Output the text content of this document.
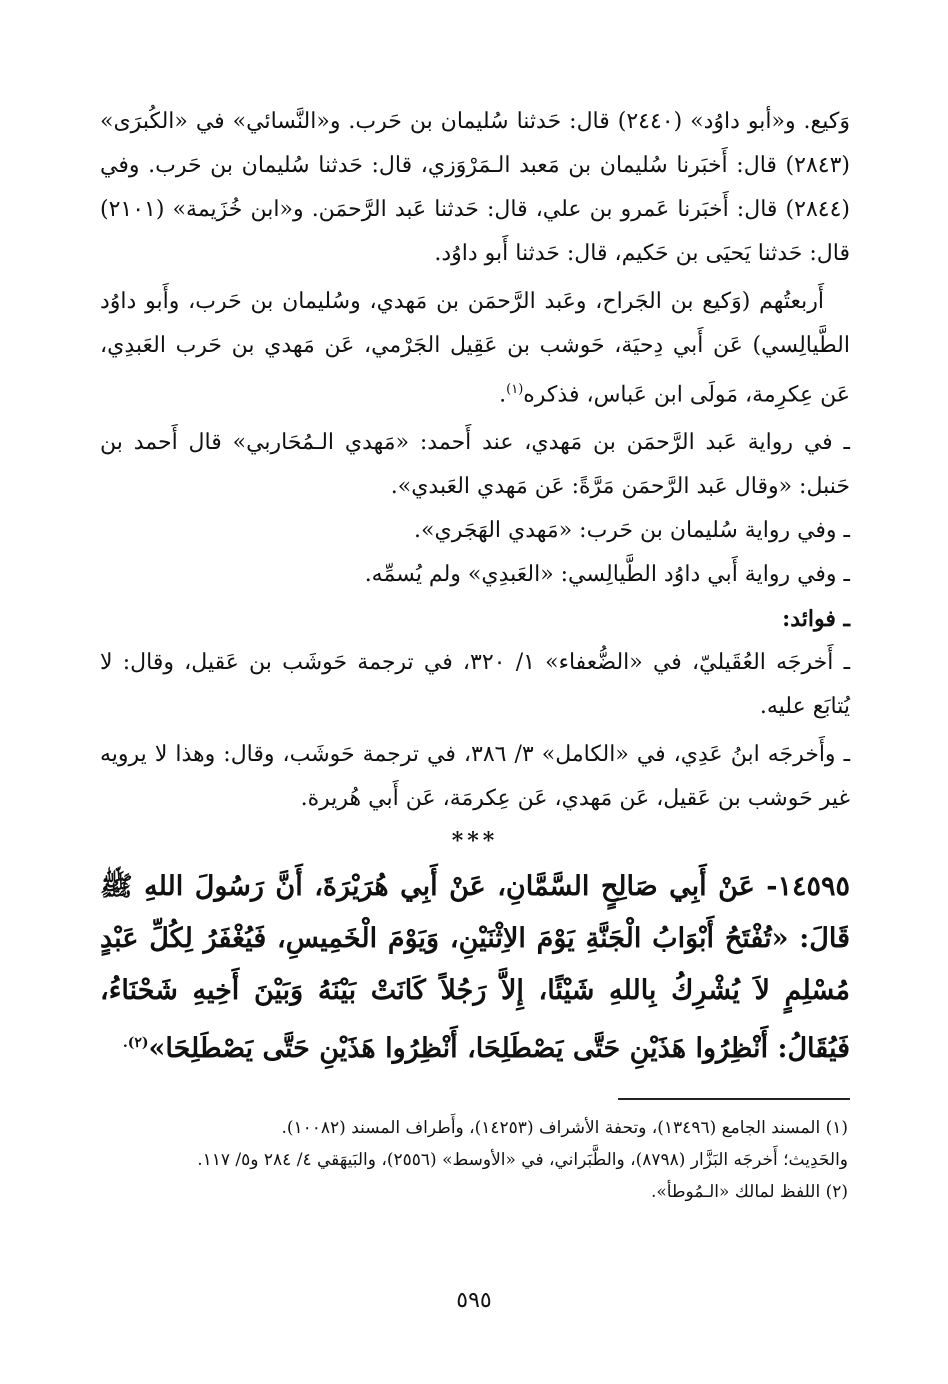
وَكيع. و«أبو داوُد» (٢٤٤٠) قال: حَدثنا سُليمان بن حَرب. و«النَّسائي» في «الكُبرَى» (٢٨٤٣) قال: أَخبَرنا سُليمان بن مَعبد الـمَرْوَزي، قال: حَدثنا سُليمان بن حَرب. وفي (٢٨٤٤) قال: أَخبَرنا عَمرو بن علي، قال: حَدثنا عَبد الرَّحمَن. و«ابن خُزَيمة» (٢١٠١) قال: حَدثنا يَحيَى بن حَكيم، قال: حَدثنا أَبو داوُد.

أَربعتُهم (وَكيع بن الجَراح، وعَبد الرَّحمَن بن مَهدي، وسُليمان بن حَرب، وأَبو داوُد الطَّيالِسي) عَن أَبي دِحيَة، حَوشب بن عَقِيل الجَرْمي، عَن مَهدي بن حَرب العَبدِي، عَن عِكرِمة، مَولَى ابن عَباس، فذكره$^{(١)}$.

ـ في رواية عَبد الرَّحمَن بن مَهدي، عند أَحمد: «مَهدي الـمُحَاربي» قال أَحمد بن حَنبل: «وقال عَبد الرَّحمَن مَرَّةً: عَن مَهدي العَبدي».

ـ وفي رواية سُليمان بن حَرب: «مَهدي الهَجَري».

ـ وفي رواية أَبي داوُد الطَّيالِسي: «العَبدِي» ولم يُسمِّه.

ـ فوائد:

ـ أَخرجَه العُقَيليّ، في «الضُّعفاء» ١/ ٣٢٠، في ترجمة حَوشَب بن عَقيل، وقال: لا يُتابَع عليه.

ـ وأَخرجَه ابنُ عَدِي، في «الكامل» ٣/ ٣٨٦، في ترجمة حَوشَب، وقال: وهذا لا يرويه غير حَوشب بن عَقيل، عَن مَهدي، عَن عِكرمَة، عَن أَبي هُريرة.

***

١٤٥٩٥- عَنْ أَبِي صَالِحٍ السَّمَّانِ، عَنْ أَبِي هُرَيْرَةَ، أَنَّ رَسُولَ اللهِ ﷺ قَالَ: «تُفْتَحُ أَبْوَابُ الْجَنَّةِ يَوْمَ الاِثْنَيْنِ، وَيَوْمَ الْخَمِيسِ، فَيُغْفَرُ لِكُلِّ عَبْدٍ مُسْلِمٍ لاَ يُشْرِكُ بِاللهِ شَيْئًا، إِلاَّ رَجُلاً كَانَتْ بَيْنَهُ وَبَيْنَ أَخِيهِ شَحْنَاءُ، فَيُقَالُ: أَنْظِرُوا هَذَيْنِ حَتَّى يَصْطَلِحَا، أَنْظِرُوا هَذَيْنِ حَتَّى يَصْطَلِحَا»$^{(٢).}$

(١) المسند الجامع (١٣٤٩٦)، وتحفة الأشراف (١٤٢٥٣)، وأَطراف المسند (١٠٠٨٢).

والحَدِيث؛ أَخرجَه البَزَّار (٨٧٩٨)، والطَّبَراني، في «الأوسط» (٢٥٥٦)، والبَيهَقي ٤/ ٢٨٤ و٥/ ١١٧.

(٢) اللفظ لمالك «الـمُوطأ».

٥٩٥
